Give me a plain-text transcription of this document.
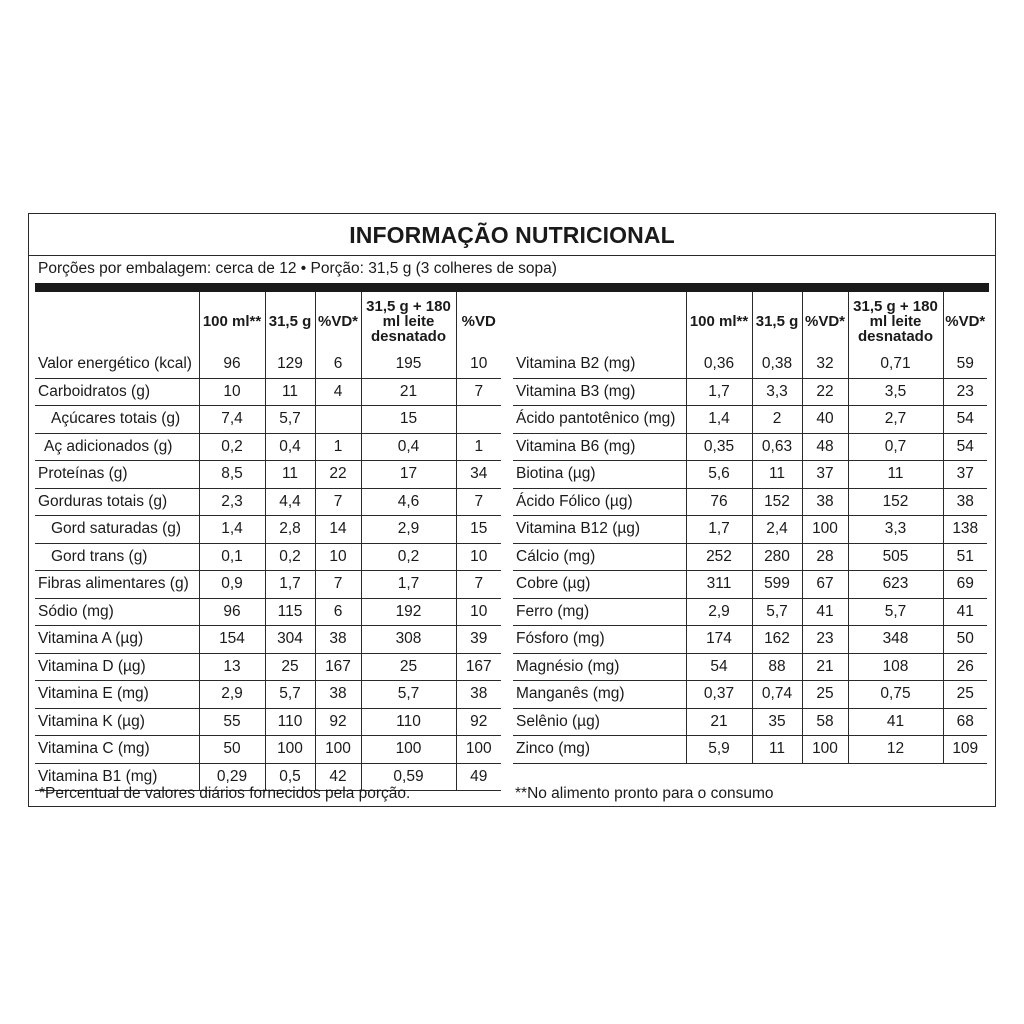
INFORMAÇÃO NUTRICIONAL
Porções por embalagem: cerca de 12 • Porção: 31,5 g (3 colheres de sopa)
	100 ml**	31,5 g	%VD*	31,5 g + 180 ml leite desnatado	%VD
Valor energético (kcal)	96	129	6	195	10
Carboidratos (g)	10	11	4	21	7
Açúcares totais (g)	7,4	5,7		15	
Aç adicionados (g)	0,2	0,4	1	0,4	1
Proteínas (g)	8,5	11	22	17	34
Gorduras totais (g)	2,3	4,4	7	4,6	7
Gord saturadas (g)	1,4	2,8	14	2,9	15
Gord trans (g)	0,1	0,2	10	0,2	10
Fibras alimentares (g)	0,9	1,7	7	1,7	7
Sódio (mg)	96	115	6	192	10
Vitamina A (µg)	154	304	38	308	39
Vitamina D (µg)	13	25	167	25	167
Vitamina E (mg)	2,9	5,7	38	5,7	38
Vitamina K (µg)	55	110	92	110	92
Vitamina C (mg)	50	100	100	100	100
Vitamina B1 (mg)	0,29	0,5	42	0,59	49
	100 ml**	31,5 g	%VD*	31,5 g + 180 ml leite desnatado	%VD*
Vitamina B2 (mg)	0,36	0,38	32	0,71	59
Vitamina B3 (mg)	1,7	3,3	22	3,5	23
Ácido pantotênico (mg)	1,4	2	40	2,7	54
Vitamina B6 (mg)	0,35	0,63	48	0,7	54
Biotina (µg)	5,6	11	37	11	37
Ácido Fólico (µg)	76	152	38	152	38
Vitamina B12 (µg)	1,7	2,4	100	3,3	138
Cálcio (mg)	252	280	28	505	51
Cobre (µg)	311	599	67	623	69
Ferro (mg)	2,9	5,7	41	5,7	41
Fósforo (mg)	174	162	23	348	50
Magnésio (mg)	54	88	21	108	26
Manganês (mg)	0,37	0,74	25	0,75	25
Selênio (µg)	21	35	58	41	68
Zinco (mg)	5,9	11	100	12	109
*Percentual de valores diários fornecidos pela porção.	**No alimento pronto para o consumo
